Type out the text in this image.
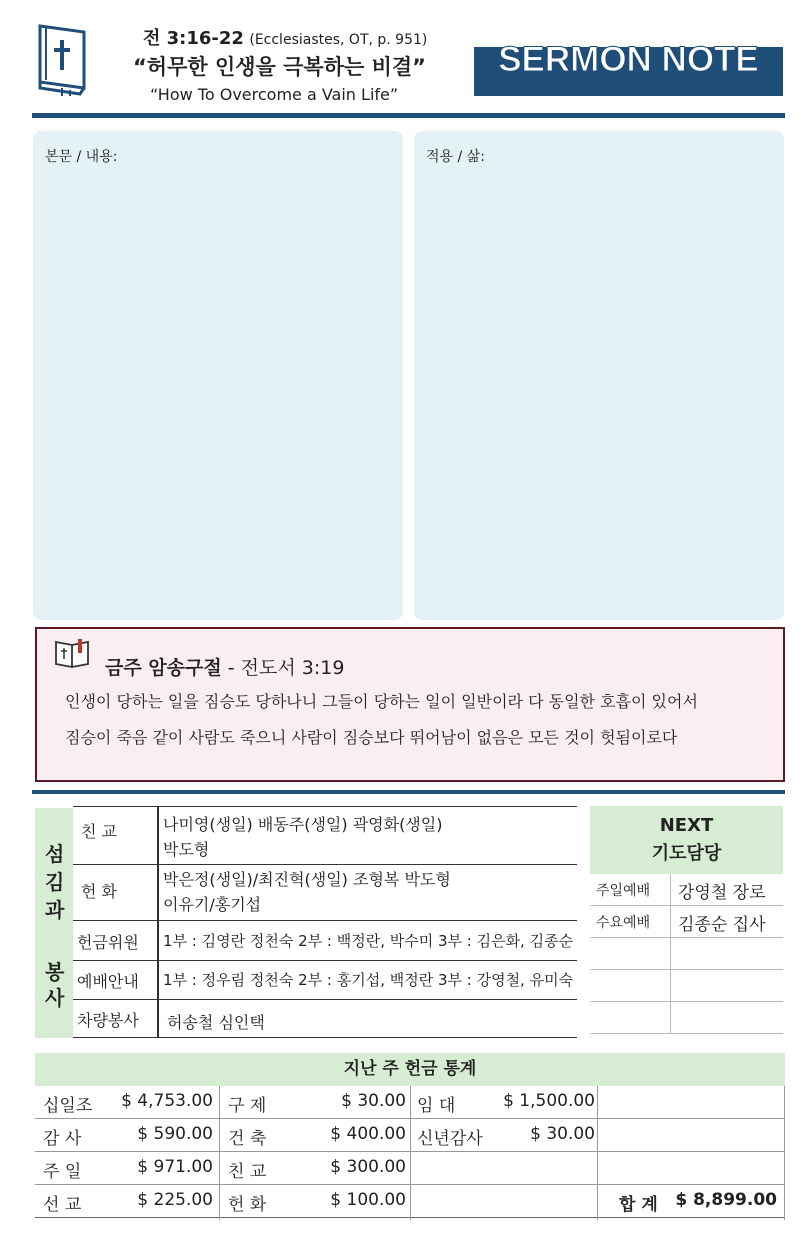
전 3:16-22 (Ecclesiastes, OT, p. 951)
“허무한 인생을 극복하는 비결”
“How To Overcome a Vain Life”
SERMON NOTE
본문 / 내용:	적용 / 삶:
금주 암송구절 - 전도서 3:19
인생이 당하는 일을 짐승도 당하나니 그들이 당하는 일이 일반이라 다 동일한 호흡이 있어서
짐승이 죽음 같이 사람도 죽으니 사람이 짐승보다 뛰어남이 없음은 모든 것이 헛됨이로다
섬
김
과
봉
사
친 교	나미영(생일) 배동주(생일) 곽영화(생일)
박도형
헌 화
박은정(생일)/최진혁(생일) 조형복 박도형
이유기/홍기섭
헌금위원 1부 : 김영란 정천숙 2부 : 백정란, 박수미 3부 : 김은화, 김종순
예배안내 1부 : 정우림 정천숙 2부 : 홍기섭, 백정란 3부 : 강영철, 유미숙
차량봉사 허송철 심인택
NEXT
기도담당
주일예배 강영철 장로
수요예배 김종순 집사
지난 주 헌금 통계
십일조	$ 4,753.00 구 제	$ 30.00 임 대	$ 1,500.00
감 사	$ 590.00 건 축	$ 400.00 신년감사	$ 30.00
주 일	$ 971.00 친 교	$ 300.00
선 교	$ 225.00 헌 화	$ 100.00	합 계 $ 8,899.00
